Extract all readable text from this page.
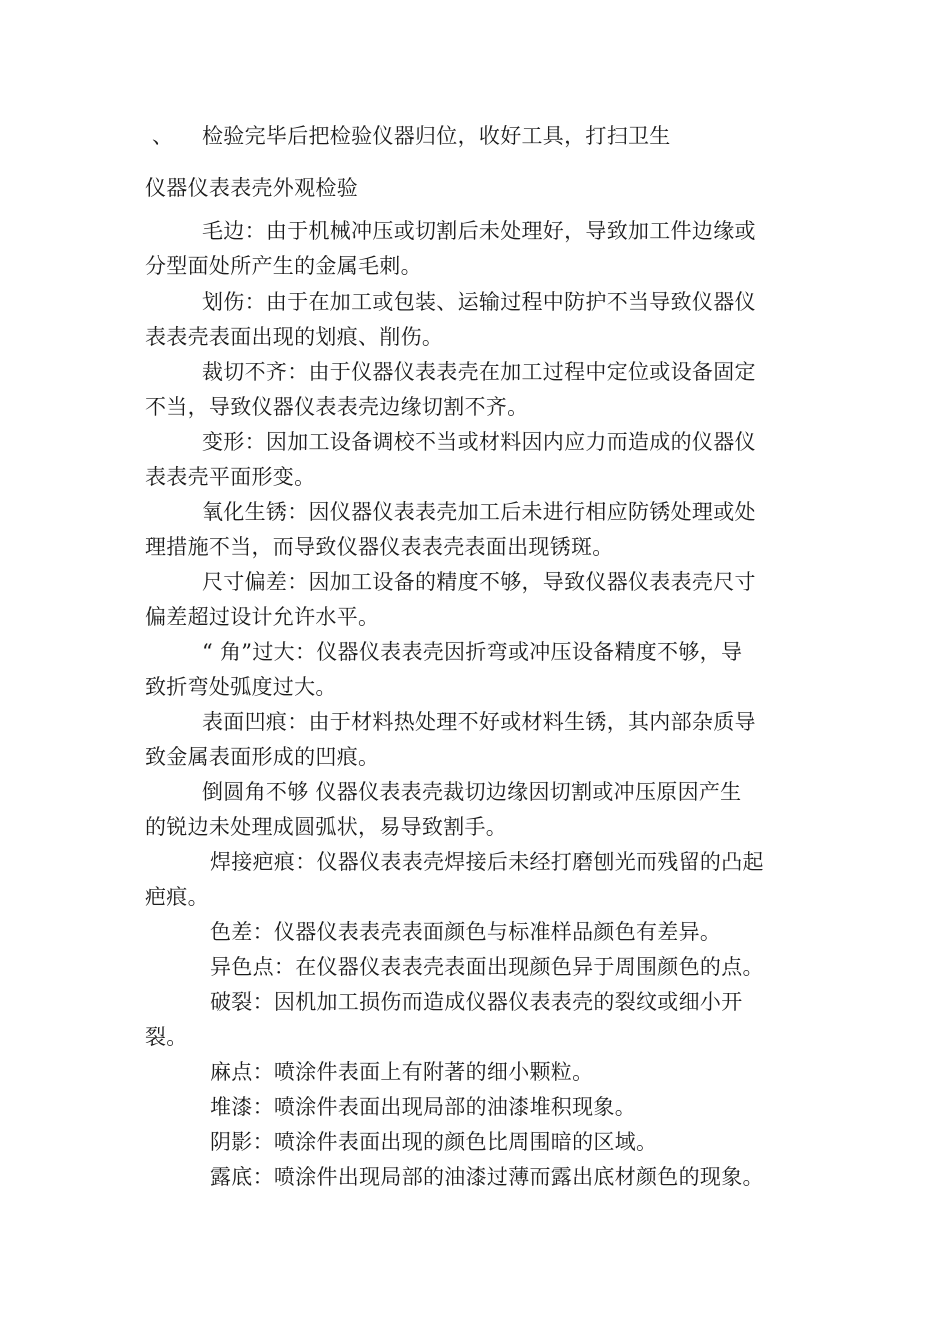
、 检验完毕后把检验仪器归位，收好工具，打扫卫生
仪器仪表表壳外观检验
毛边：由于机械冲压或切割后未处理好，导致加工件边缘或
分型面处所产生的金属毛刺。
划伤：由于在加工或包装、运输过程中防护不当导致仪器仪
表表壳表面出现的划痕、削伤。
裁切不齐：由于仪器仪表表壳在加工过程中定位或设备固定
不当，导致仪器仪表表壳边缘切割不齐。
变形：因加工设备调校不当或材料因内应力而造成的仪器仪
表表壳平面形变。
氧化生锈：因仪器仪表表壳加工后未进行相应防锈处理或处
理措施不当，而导致仪器仪表表壳表面出现锈斑。
尺寸偏差：因加工设备的精度不够，导致仪器仪表表壳尺寸
偏差超过设计允许水平。
“ 角”过大：仪器仪表表壳因折弯或冲压设备精度不够，导
致折弯处弧度过大。
表面凹痕：由于材料热处理不好或材料生锈，其内部杂质导
致金属表面形成的凹痕。
倒圆角不够 仪器仪表表壳裁切边缘因切割或冲压原因产生
的锐边未处理成圆弧状，易导致割手。
焊接疤痕：仪器仪表表壳焊接后未经打磨刨光而残留的凸起
疤痕。
色差：仪器仪表表壳表面颜色与标准样品颜色有差异。
异色点：在仪器仪表表壳表面出现颜色异于周围颜色的点。
破裂：因机加工损伤而造成仪器仪表表壳的裂纹或细小开
裂。
麻点：喷涂件表面上有附著的细小颗粒。
堆漆：喷涂件表面出现局部的油漆堆积现象。
阴影：喷涂件表面出现的颜色比周围暗的区域。
露底：喷涂件出现局部的油漆过薄而露出底材颜色的现象。
